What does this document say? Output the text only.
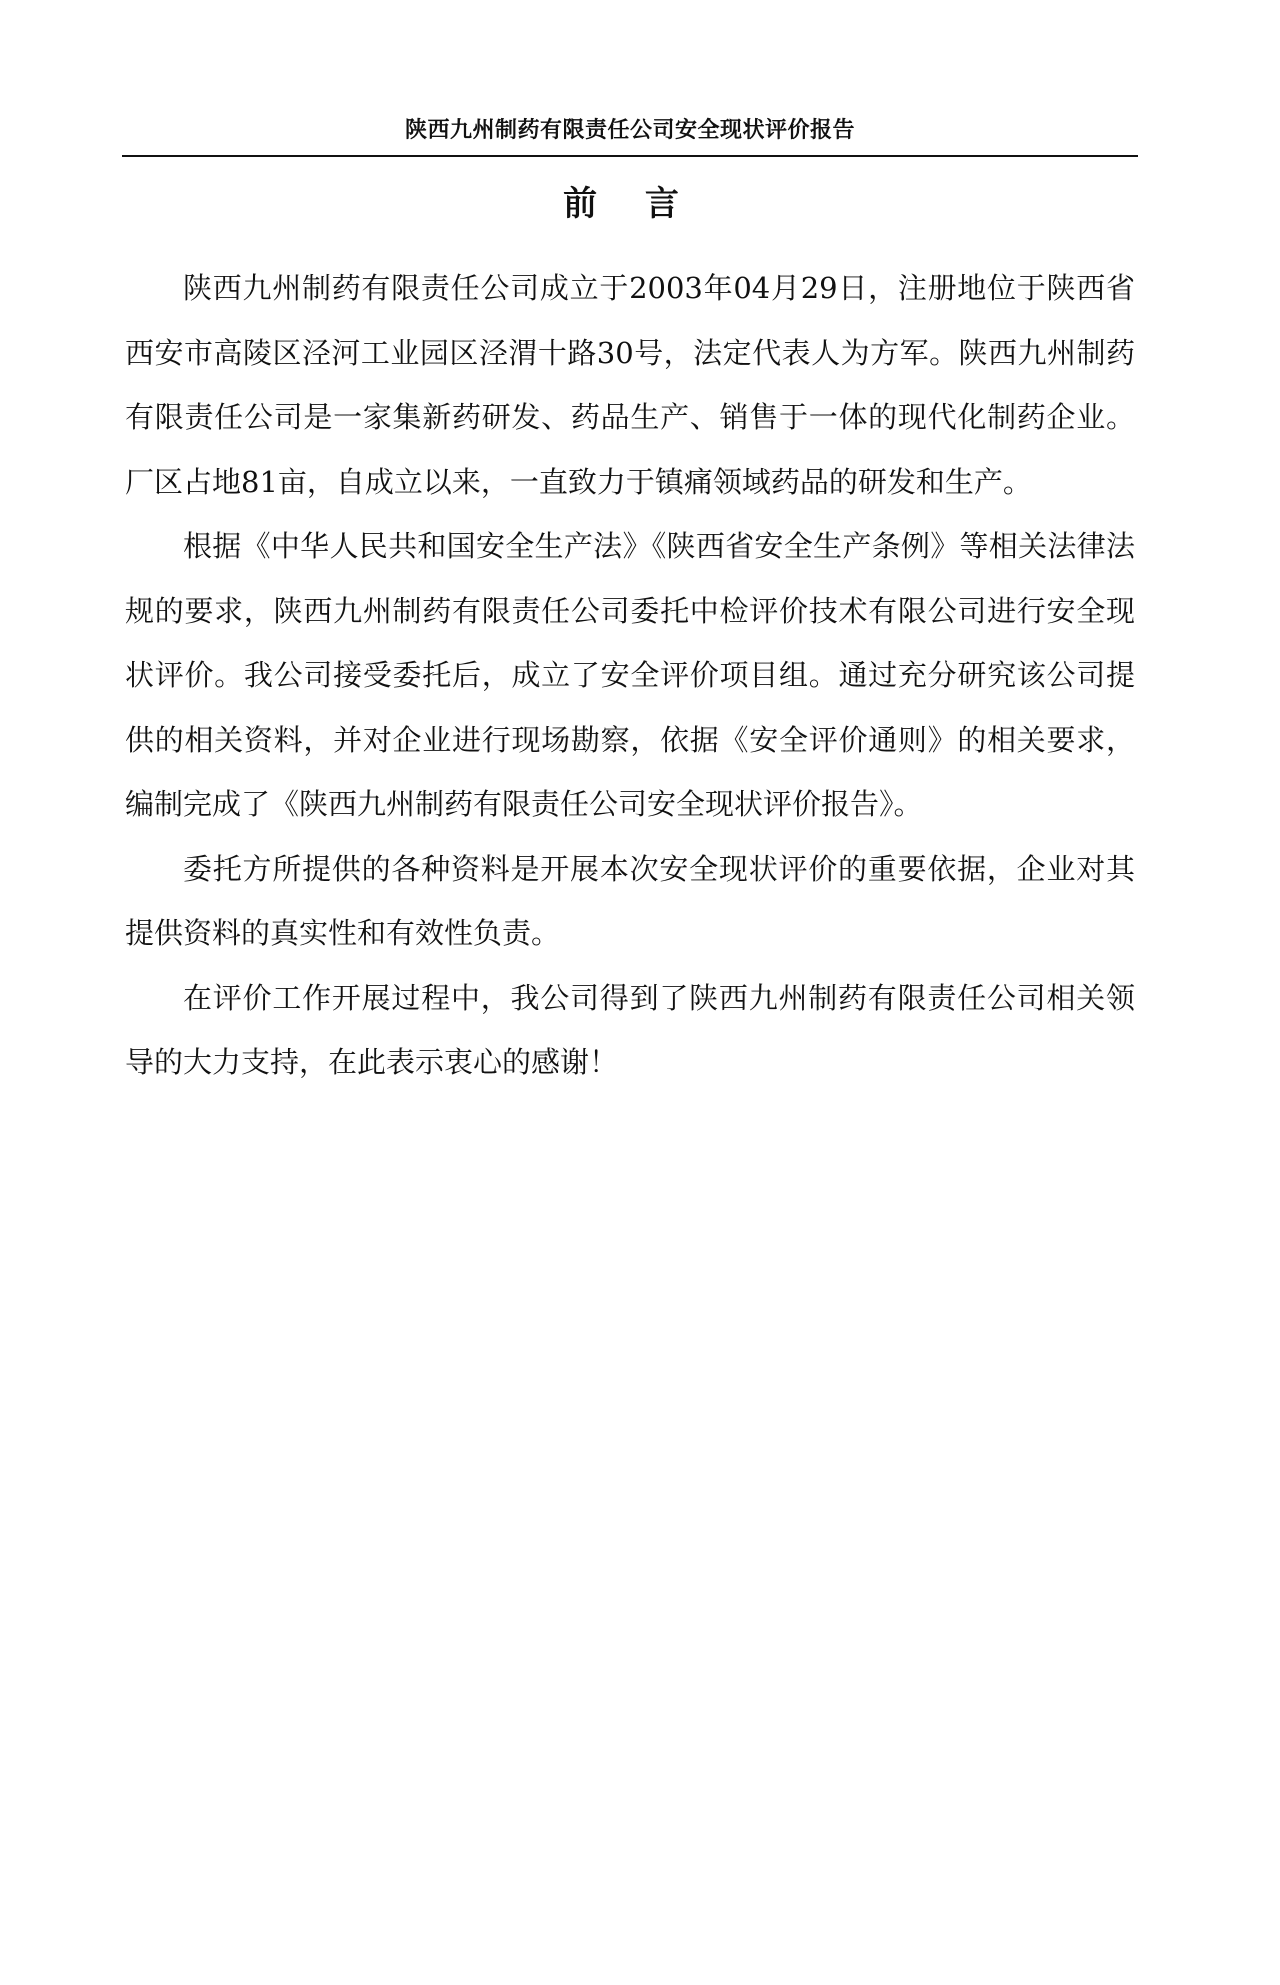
陕西九州制药有限责任公司安全现状评价报告
前 言

陕西九州制药有限责任公司成立于2003年04月29日，注册地位于陕西省西安市高陵区泾河工业园区泾渭十路30号，法定代表人为方军。陕西九州制药有限责任公司是一家集新药研发、药品生产、销售于一体的现代化制药企业。厂区占地81亩，自成立以来，一直致力于镇痛领域药品的研发和生产。

根据《中华人民共和国安全生产法》《陕西省安全生产条例》等相关法律法规的要求，陕西九州制药有限责任公司委托中检评价技术有限公司进行安全现状评价。我公司接受委托后，成立了安全评价项目组。通过充分研究该公司提供的相关资料，并对企业进行现场勘察，依据《安全评价通则》的相关要求，编制完成了《陕西九州制药有限责任公司安全现状评价报告》。

委托方所提供的各种资料是开展本次安全现状评价的重要依据，企业对其提供资料的真实性和有效性负责。

在评价工作开展过程中，我公司得到了陕西九州制药有限责任公司相关领导的大力支持，在此表示衷心的感谢！
